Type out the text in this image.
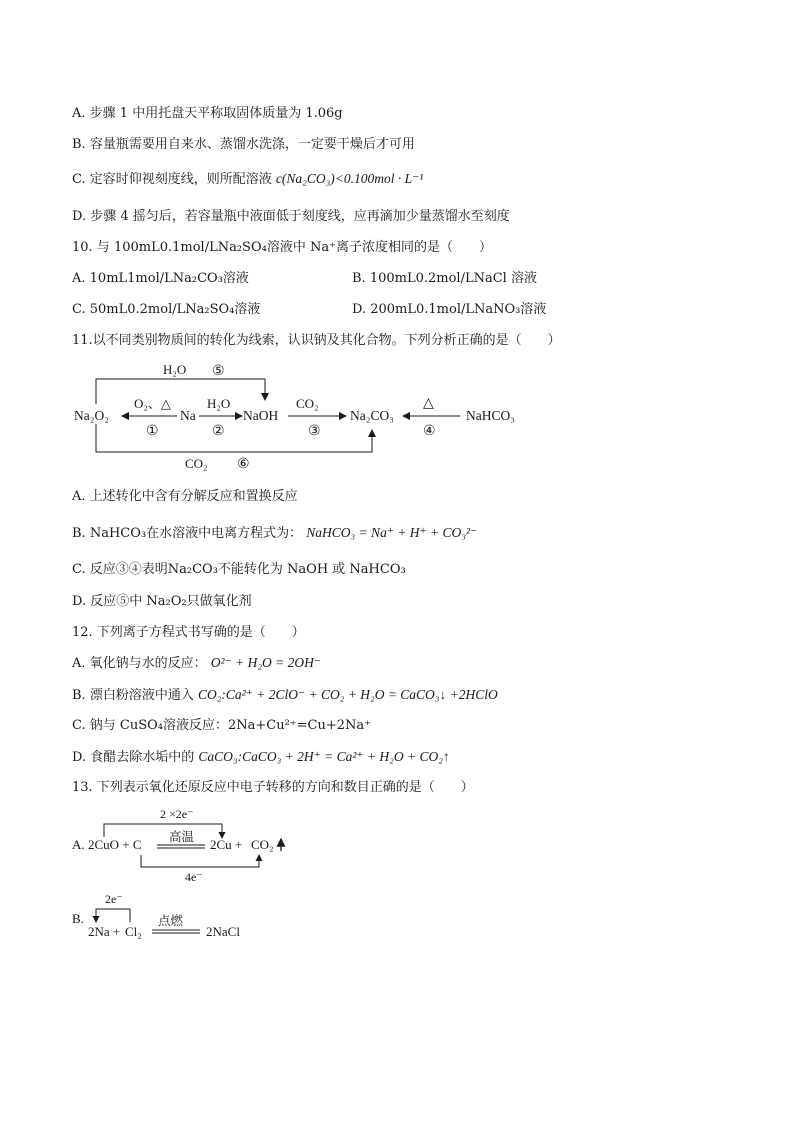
A. 步骤 1 中用托盘天平称取固体质量为 1.06g
B. 容量瓶需要用自来水、蒸馏水洗涤，一定要干燥后才可用
C. 定容时仰视刻度线，则所配溶液 c(Na₂CO₃)<0.100mol · L⁻¹
D. 步骤 4 摇匀后，若容量瓶中液面低于刻度线，应再滴加少量蒸馏水至刻度
10. 与 100mL0.1mol/LNa₂SO₄溶液中 Na⁺离子浓度相同的是（　　）
A. 10mL1mol/LNa₂CO₃溶液	B. 100mL0.2mol/LNaCl 溶液
C. 50mL0.2mol/LNa₂SO₄溶液	D. 200mL0.1mol/LNaNO₃溶液
11.以不同类别物质间的转化为线索，认识钠及其化合物。下列分析正确的是（　　）
H₂O ⑤
CO₂ ⑥
Na₂O₂	Na	NaOH	Na₂CO₃	NaHCO₃
O₂、△
①
H₂O
②
CO₂
③
△
④
A. 上述转化中含有分解反应和置换反应
B. NaHCO₃在水溶液中电离方程式为： NaHCO₃ = Na⁺ + H⁺ + CO₃²⁻
C. 反应③④表明Na₂CO₃不能转化为 NaOH 或 NaHCO₃
D. 反应⑤中 Na₂O₂只做氧化剂
12. 下列离子方程式书写确的是（　　）
A. 氧化钠与水的反应： O²⁻ + H₂O = 2OH⁻
B. 漂白粉溶液中通入 CO₂:Ca²⁺ + 2ClO⁻ + CO₂ + H₂O = CaCO₃↓ +2HClO
C. 钠与 CuSO₄溶液反应：2Na+Cu²⁺=Cu+2Na⁺
D. 食醋去除水垢中的 CaCO₃:CaCO₃ + 2H⁺ = Ca²⁺ + H₂O + CO₂↑
13. 下列表示氧化还原反应中电子转移的方向和数目正确的是（　　）
A.
2 ×2e⁻
2CuO + C 高温 2Cu + CO₂
4e⁻
B.
2e⁻
2Na + Cl₂
点燃
2NaCl
